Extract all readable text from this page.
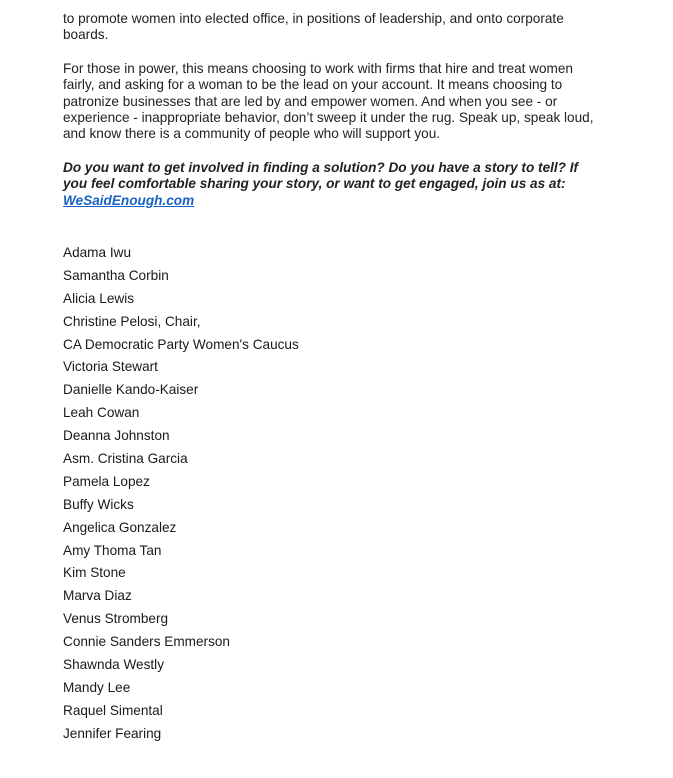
to promote women into elected office, in positions of leadership, and onto corporate boards.

For those in power, this means choosing to work with firms that hire and treat women fairly, and asking for a woman to be the lead on your account. It means choosing to patronize businesses that are led by and empower women. And when you see - or experience - inappropriate behavior, don’t sweep it under the rug. Speak up, speak loud, and know there is a community of people who will support you.

Do you want to get involved in finding a solution? Do you have a story to tell? If you feel comfortable sharing your story, or want to get engaged, join us as at: WeSaidEnough.com

Adama Iwu
Samantha Corbin
Alicia Lewis
Christine Pelosi, Chair,
CA Democratic Party Women's Caucus
Victoria Stewart
Danielle Kando-Kaiser
Leah Cowan
Deanna Johnston
Asm. Cristina Garcia
Pamela Lopez
Buffy Wicks
Angelica Gonzalez
Amy Thoma Tan
Kim Stone
Marva Diaz
Venus Stromberg
Connie Sanders Emmerson
Shawnda Westly
Mandy Lee
Raquel Simental
Jennifer Fearing
